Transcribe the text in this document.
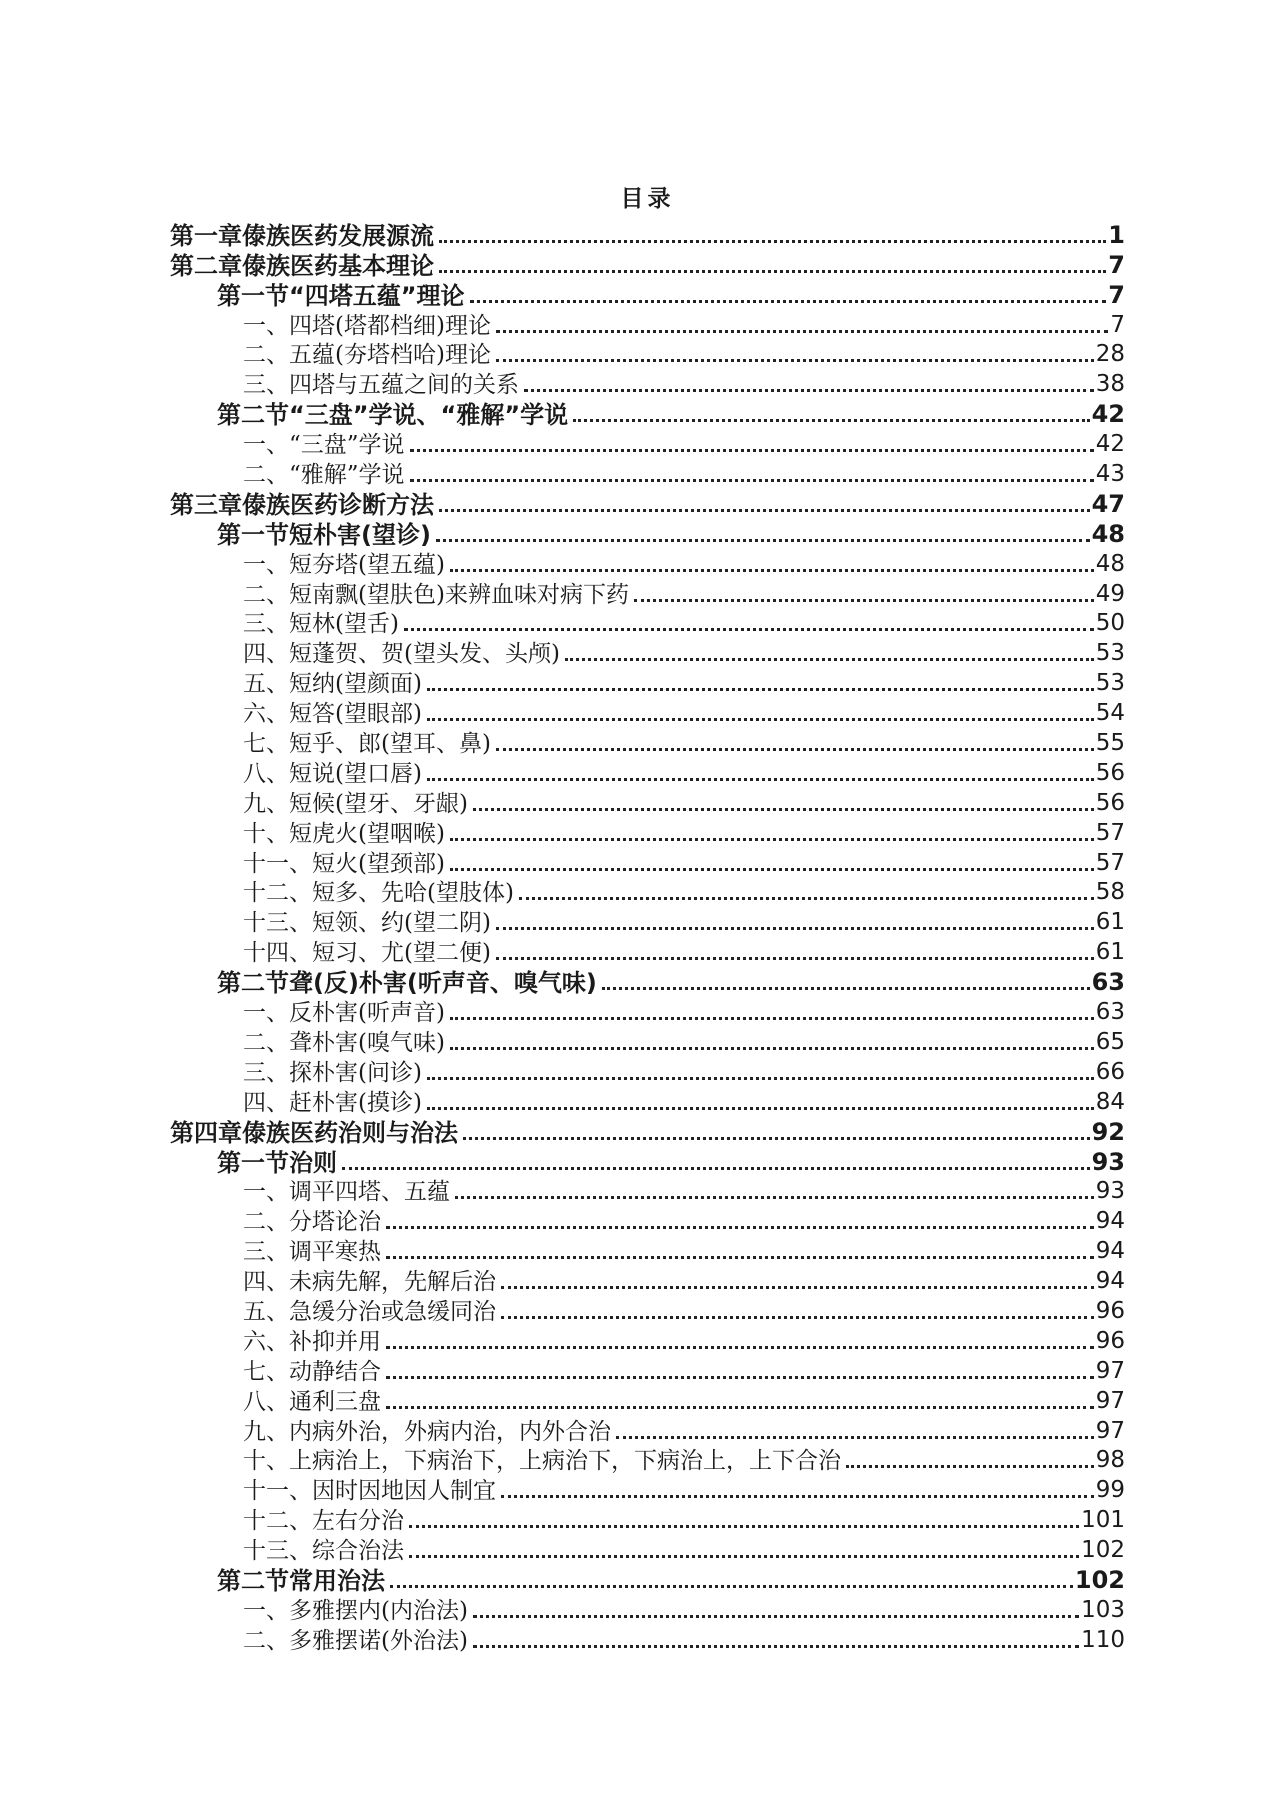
目录
第一章傣族医药发展源流	1
第二章傣族医药基本理论	7
第一节“四塔五蕴”理论	7
一、四塔(塔都档细)理论	7
二、五蕴(夯塔档哈)理论	28
三、四塔与五蕴之间的关系	38
第二节“三盘”学说、“雅解”学说	42
一、“三盘”学说	42
二、“雅解”学说	43
第三章傣族医药诊断方法	47
第一节短朴害(望诊)	48
一、短夯塔(望五蕴)	48
二、短南飘(望肤色)来辨血味对病下药	49
三、短林(望舌)	50
四、短蓬贺、贺(望头发、头颅)	53
五、短纳(望颜面)	53
六、短答(望眼部)	54
七、短乎、郎(望耳、鼻)	55
八、短说(望口唇)	56
九、短候(望牙、牙龈)	56
十、短虎火(望咽喉)	57
十一、短火(望颈部)	57
十二、短多、先哈(望肢体)	58
十三、短领、约(望二阴)	61
十四、短习、尤(望二便)	61
第二节聋(反)朴害(听声音、嗅气味)	63
一、反朴害(听声音)	63
二、聋朴害(嗅气味)	65
三、探朴害(问诊)	66
四、赶朴害(摸诊)	84
第四章傣族医药治则与治法	92
第一节治则	93
一、调平四塔、五蕴	93
二、分塔论治	94
三、调平寒热	94
四、未病先解，先解后治	94
五、急缓分治或急缓同治	96
六、补抑并用	96
七、动静结合	97
八、通利三盘	97
九、内病外治，外病内治，内外合治	97
十、上病治上，下病治下，上病治下，下病治上，上下合治	98
十一、因时因地因人制宜	99
十二、左右分治	101
十三、综合治法	102
第二节常用治法	102
一、多雅摆内(内治法)	103
二、多雅摆诺(外治法)	110
